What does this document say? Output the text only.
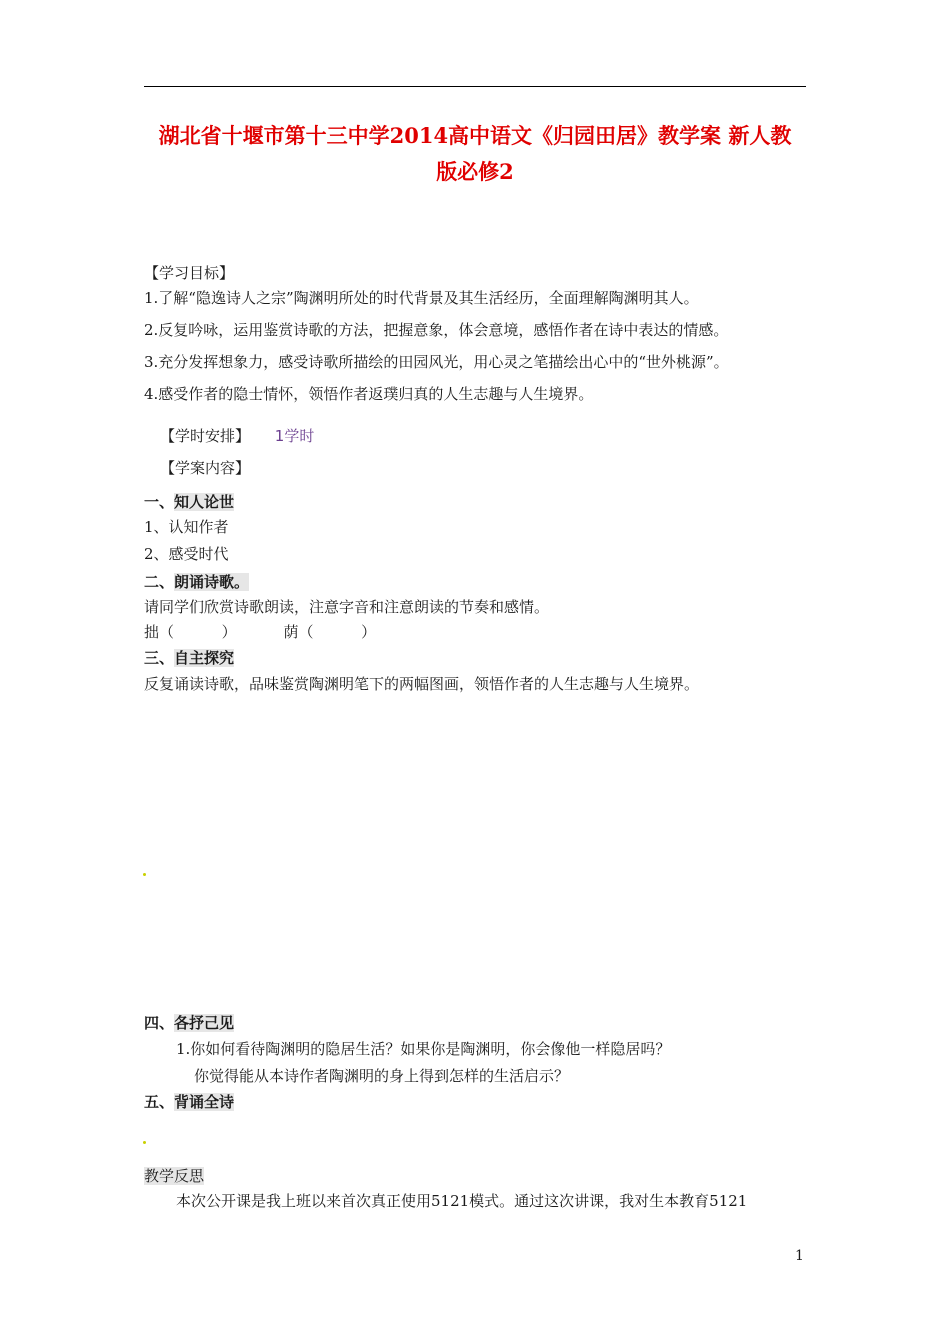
湖北省十堰市第十三中学2014高中语文《归园田居》教学案 新人教
版必修2
【学习目标】
1.了解“隐逸诗人之宗”陶渊明所处的时代背景及其生活经历，全面理解陶渊明其人。
2.反复吟咏，运用鉴赏诗歌的方法，把握意象，体会意境，感悟作者在诗中表达的情感。
3.充分发挥想象力，感受诗歌所描绘的田园风光，用心灵之笔描绘出心中的“世外桃源”。
4.感受作者的隐士情怀，领悟作者返璞归真的人生志趣与人生境界。
【学时安排】 1学时
【学案内容】
一、知人论世
1、认知作者
2、感受时代
二、朗诵诗歌。
请同学们欣赏诗歌朗读，注意字音和注意朗读的节奏和感情。
拙（          ）	荫（          ）
三、自主探究
反复诵读诗歌，品味鉴赏陶渊明笔下的两幅图画，领悟作者的人生志趣与人生境界。
四、各抒己见
1.你如何看待陶渊明的隐居生活？如果你是陶渊明，你会像他一样隐居吗？
你觉得能从本诗作者陶渊明的身上得到怎样的生活启示？
五、背诵全诗
教学反思
本次公开课是我上班以来首次真正使用5121模式。通过这次讲课，我对生本教育5121
1
